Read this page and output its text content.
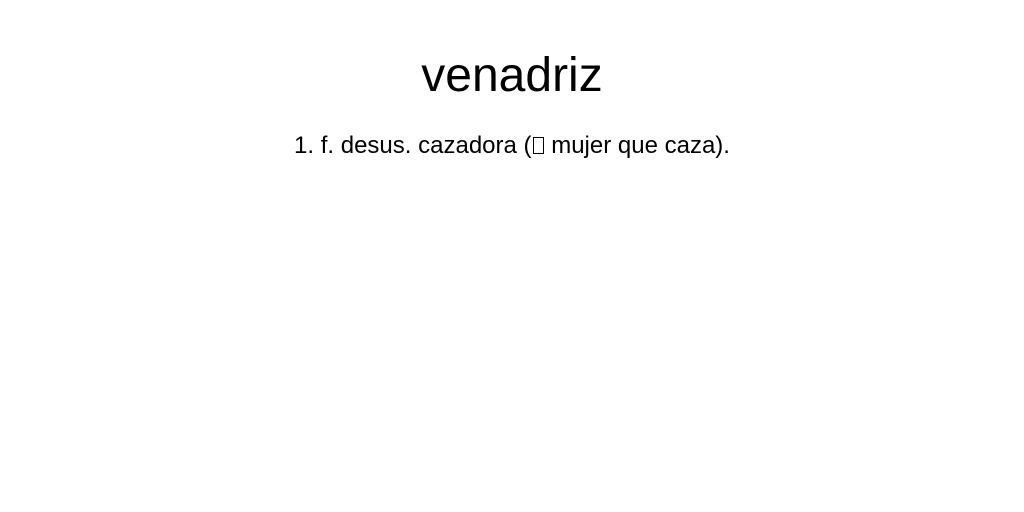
venadriz

1. f. desus. cazadora ( mujer que caza).
